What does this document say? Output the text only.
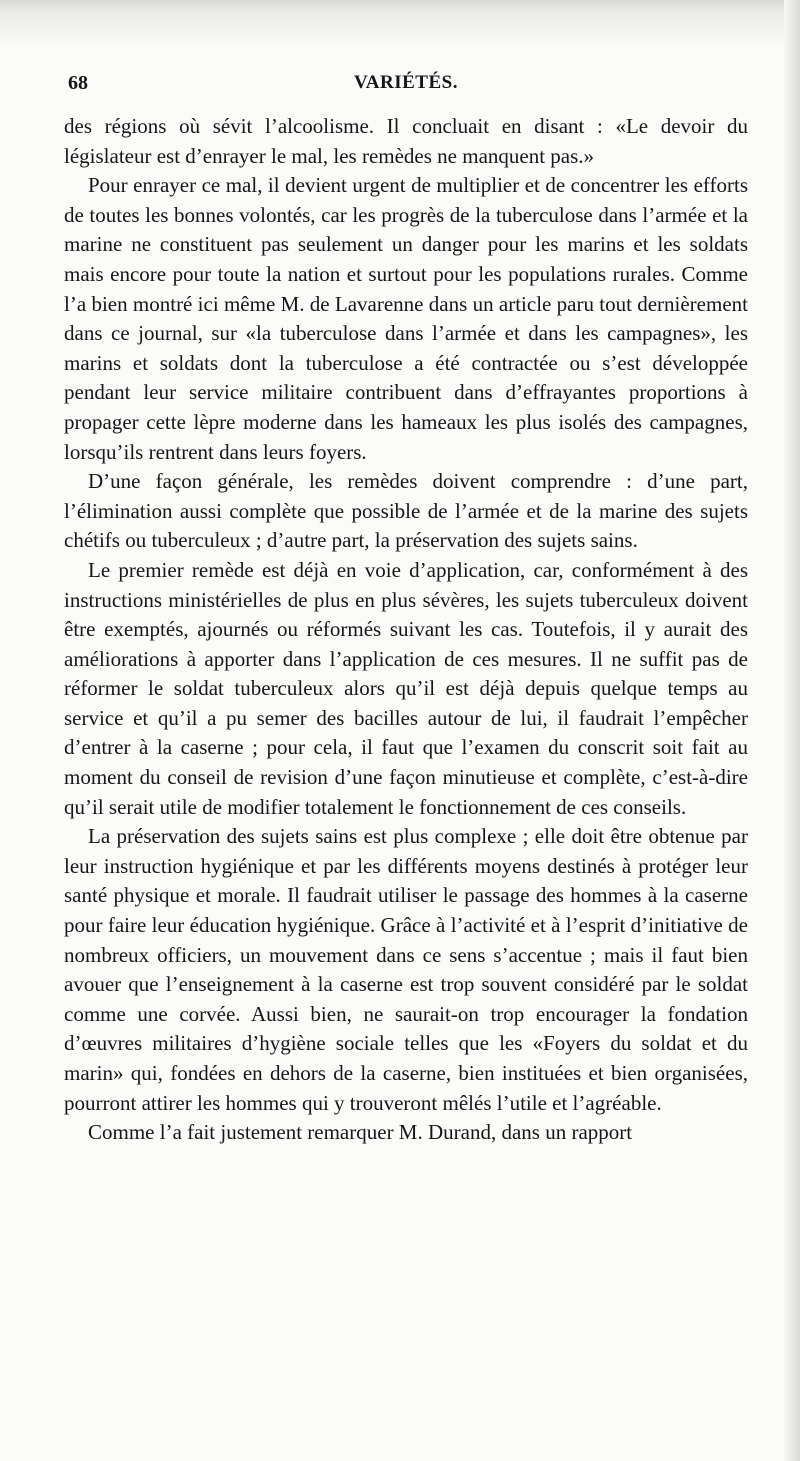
68	VARIÉTÉS.

des régions où sévit l’alcoolisme. Il concluait en disant : «Le devoir du législateur est d’enrayer le mal, les remèdes ne manquent pas.»

Pour enrayer ce mal, il devient urgent de multiplier et de concentrer les efforts de toutes les bonnes volontés, car les progrès de la tuberculose dans l’armée et la marine ne constituent pas seulement un danger pour les marins et les soldats mais encore pour toute la nation et surtout pour les populations rurales. Comme l’a bien montré ici même M. de Lavarenne dans un article paru tout dernièrement dans ce journal, sur «la tuberculose dans l’armée et dans les campagnes», les marins et soldats dont la tuberculose a été contractée ou s’est développée pendant leur service militaire contribuent dans d’effrayantes proportions à propager cette lèpre moderne dans les hameaux les plus isolés des campagnes, lorsqu’ils rentrent dans leurs foyers.

D’une façon générale, les remèdes doivent comprendre : d’une part, l’élimination aussi complète que possible de l’armée et de la marine des sujets chétifs ou tuberculeux ; d’autre part, la préservation des sujets sains.

Le premier remède est déjà en voie d’application, car, conformément à des instructions ministérielles de plus en plus sévères, les sujets tuberculeux doivent être exemptés, ajournés ou réformés suivant les cas. Toutefois, il y aurait des améliorations à apporter dans l’application de ces mesures. Il ne suffit pas de réformer le soldat tuberculeux alors qu’il est déjà depuis quelque temps au service et qu’il a pu semer des bacilles autour de lui, il faudrait l’empêcher d’entrer à la caserne ; pour cela, il faut que l’examen du conscrit soit fait au moment du conseil de revision d’une façon minutieuse et complète, c’est-à-dire qu’il serait utile de modifier totalement le fonctionnement de ces conseils.

La préservation des sujets sains est plus complexe ; elle doit être obtenue par leur instruction hygiénique et par les différents moyens destinés à protéger leur santé physique et morale. Il faudrait utiliser le passage des hommes à la caserne pour faire leur éducation hygiénique. Grâce à l’activité et à l’esprit d’initiative de nombreux officiers, un mouvement dans ce sens s’accentue ; mais il faut bien avouer que l’enseignement à la caserne est trop souvent considéré par le soldat comme une corvée. Aussi bien, ne saurait-on trop encourager la fondation d’œuvres militaires d’hygiène sociale telles que les «Foyers du soldat et du marin» qui, fondées en dehors de la caserne, bien instituées et bien organisées, pourront attirer les hommes qui y trouveront mêlés l’utile et l’agréable.

Comme l’a fait justement remarquer M. Durand, dans un rapport
